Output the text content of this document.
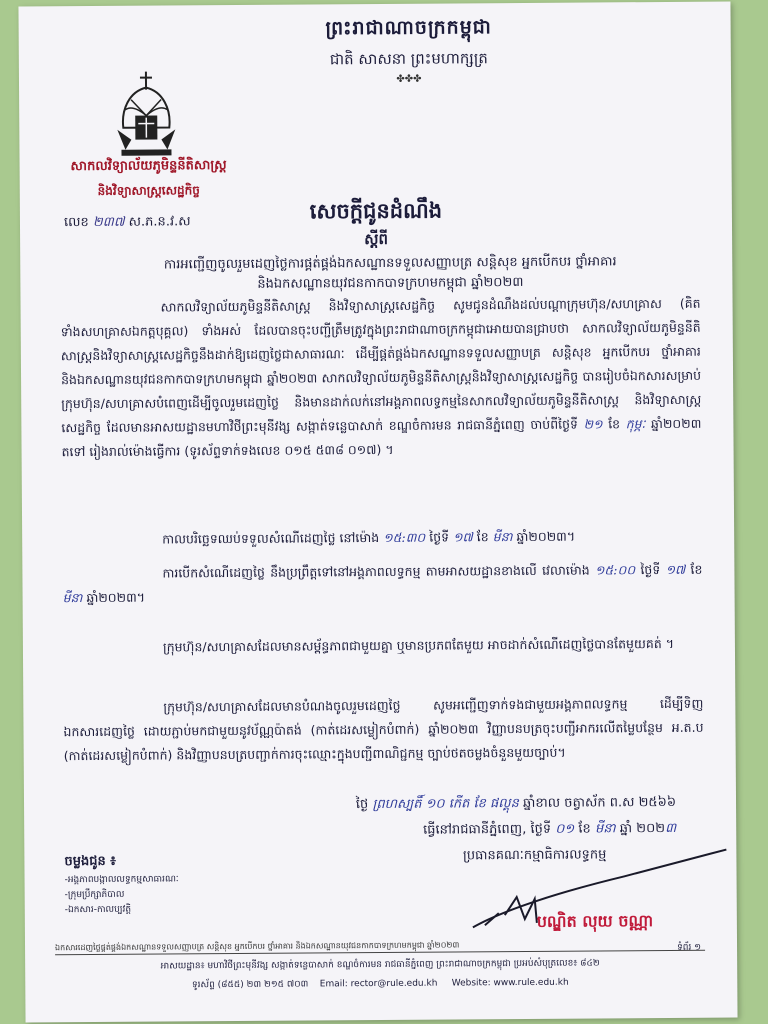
ព្រះរាជាណាចក្រកម្ពុជា
ជាតិ សាសនា ព្រះមហាក្សត្រ
✤✤✤
សាកលវិទ្យាល័យភូមិន្ទនីតិសាស្ត្រ
និងវិទ្យាសាស្ត្រសេដ្ឋកិច្ច
លេខ ២៣៧ ស.ភ.ន.វ.ស	សេចក្តីជូនដំណឹង
ស្តីពី
ការអញ្ជើញចូលរួមដេញថ្លៃការផ្គត់ផ្គង់ឯកសណ្ឋានទទួលសញ្ញាបត្រ សន្តិសុខ អ្នកបើកបរ ថ្នាំអាគារ
និងឯកសណ្ឋានយុវជនកាកបាទក្រហមកម្ពុជា ឆ្នាំ២០២៣
សាកលវិទ្យាល័យភូមិន្ទនីតិសាស្ត្រ និងវិទ្យាសាស្ត្រសេដ្ឋកិច្ច សូមជូនដំណឹងដល់បណ្តាក្រុមហ៊ុន/សហគ្រាស (គិតទាំងសហគ្រាសឯកត្តបុគ្គល) ទាំងអស់ ដែលបានចុះបញ្ជីត្រឹមត្រូវក្នុងព្រះរាជាណាចក្រកម្ពុជាអោយបានជ្រាបថា សាកលវិទ្យាល័យភូមិន្ទនីតិសាស្ត្រនិងវិទ្យាសាស្ត្រសេដ្ឋកិច្ចនឹងដាក់ឱ្យដេញថ្លៃជាសាធារណៈ ដើម្បីផ្គត់ផ្គង់ឯកសណ្ឋានទទួលសញ្ញាបត្រ សន្តិសុខ អ្នកបើកបរ ថ្នាំអាគារ និងឯកសណ្ឋានយុវជនកាកបាទក្រហមកម្ពុជា ឆ្នាំ២០២៣ សាកលវិទ្យាល័យភូមិន្ទនីតិសាស្ត្រនិងវិទ្យាសាស្ត្រសេដ្ឋកិច្ច បានរៀបចំឯកសារសម្រាប់ក្រុមហ៊ុន/សហគ្រាសបំពេញដើម្បីចូលរួមដេញថ្លៃ និងមានដាក់លក់នៅអង្គភាពលទ្ធកម្មនៃសាកលវិទ្យាល័យភូមិន្ទនីតិសាស្ត្រ និងវិទ្យាសាស្ត្រសេដ្ឋកិច្ច ដែលមានអាសយដ្ឋានមហាវិថីព្រះមុនីវង្ស សង្កាត់ទន្លេបាសាក់ ខណ្ឌចំការមន រាជធានីភ្នំពេញ ចាប់ពីថ្ងៃទី ២១ ខែ កុម្ភៈ ឆ្នាំ២០២៣ តទៅ រៀងរាល់ម៉ោងធ្វើការ (ទូរស័ព្ទទាក់ទងលេខ ០១៥ ៥៣៨ ០១៧) ។
កាលបរិច្ឆេទឈប់ទទួលសំណើដេញថ្លៃ នៅម៉ោង ១៥:៣០ ថ្ងៃទី ១៧ ខែ មីនា ឆ្នាំ២០២៣។
ការបើកសំណើដេញថ្លៃ នឹងប្រព្រឹត្តទៅនៅអង្គភាពលទ្ធកម្ម តាមអាសយដ្ឋានខាងលើ វេលាម៉ោង ១៥:០០ ថ្ងៃទី ១៧ ខែ មីនា ឆ្នាំ២០២៣។
ក្រុមហ៊ុន/សហគ្រាសដែលមានសម្ព័ន្ធភាពជាមួយគ្នា ឬមានប្រភពតែមួយ អាចដាក់សំណើដេញថ្លៃបានតែមួយគត់ ។
ក្រុមហ៊ុន/សហគ្រាសដែលមានបំណងចូលរួមដេញថ្លៃ សូមអញ្ជើញទាក់ទងជាមួយអង្គភាពលទ្ធកម្ម ដើម្បីទិញឯកសារដេញថ្លៃ ដោយភ្ជាប់មកជាមួយនូវប័ណ្ណប៉ាតង់ (កាត់ដេរសម្លៀកបំពាក់) ឆ្នាំ២០២៣ វិញ្ញាបនបត្រចុះបញ្ជីអាករលើតម្លៃបន្ថែម អ.ត.ប (កាត់ដេរសម្លៀកបំពាក់) និងវិញ្ញាបនបត្របញ្ជាក់ការចុះឈ្មោះក្នុងបញ្ជីពាណិជ្ជកម្ម ច្បាប់ថតចម្លងចំនួនមួយច្បាប់។
ថ្ងៃ ព្រហស្បតិ៍ ១០ កើត ខែ ផល្គុន ឆ្នាំខាល ចត្វាស័ក ព.ស ២៥៦៦
ធ្វើនៅរាជធានីភ្នំពេញ, ថ្ងៃទី ០១ ខែ មីនា ឆ្នាំ ២០២៣
ប្រធានគណៈកម្មាធិការលទ្ធកម្ម
ចម្លងជូន ៖
-អង្គភាពបង្កាលលទ្ធកម្មសាធារណៈ
-ក្រុមប្រឹក្សាភិបាល
-ឯកសារ-កាលប្បវត្តិ
បណ្ឌិត លុយ ចណ្ណា
ឯកសារដេញថ្លៃផ្គត់ផ្គង់ឯកសណ្ឋានទទួលសញ្ញាបត្រ សន្តិសុខ អ្នកបើកបរ ថ្នាំអាគារ និងឯកសណ្ឋានយុវជនកាកបាទក្រហមកម្ពុជា ឆ្នាំ២០២៣
អាសយដ្ឋាន៖ មហាវិថីព្រះមុនីវង្ស សង្កាត់ទន្លេបាសាក់ ខណ្ឌចំការមន រាជធានីភ្នំពេញ ព្រះរាជាណាចក្រកម្ពុជា ប្រអប់សំបុត្រលេខ៖ ៨៤២
ទូរស័ព្ទ (៨៥៥) ២៣ ២១៥ ៧០៣ Email: rector@rule.edu.kh Website: www.rule.edu.kh
ទំព័រ ១
